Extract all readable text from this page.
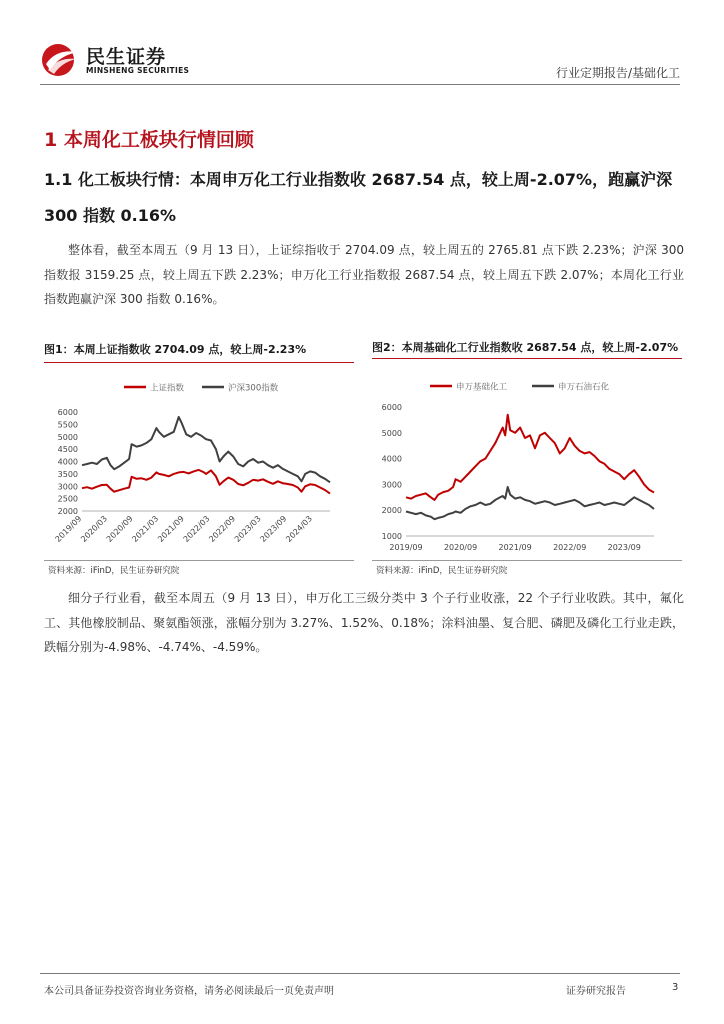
民生证券
MINSHENG SECURITIES	行业定期报告/基础化工
1 本周化工板块行情回顾
1.1 化工板块行情：本周申万化工行业指数收 2687.54 点，较上周-2.07%，跑赢沪深 300 指数 0.16%

整体看，截至本周五（9 月 13 日），上证综指收于 2704.09 点，较上周五的 2765.81 点下跌 2.23%；沪深 300 指数报 3159.25 点，较上周五下跌 2.23%；申万化工行业指数报 2687.54 点，较上周五下跌 2.07%；本周化工行业指数跑赢沪深 300 指数 0.16%。

图1：本周上证指数收 2704.09 点，较上周-2.23%
上证指数	沪深300指数
6000
5500
5000
4500
4000
3500
3000
2500
2000
2019/09
2020/03
2020/09
2021/03
2021/09
2022/03
2022/09
2023/03
2023/09
2024/03
资料来源：iFinD，民生证券研究院
图2：本周基础化工行业指数收 2687.54 点，较上周-2.07%
申万基础化工	申万石油石化
6000
5000
4000
3000
2000
1000
2019/09	2020/09	2021/09	2022/09	2023/09
资料来源：iFinD，民生证券研究院

细分子行业看，截至本周五（9 月 13 日），申万化工三级分类中 3 个子行业收涨，22 个子行业收跌。其中，氟化工、其他橡胶制品、聚氨酯领涨，涨幅分别为 3.27%、1.52%、0.18%；涂料油墨、复合肥、磷肥及磷化工行业走跌，跌幅分别为-4.98%、-4.74%、-4.59%。

本公司具备证券投资咨询业务资格，请务必阅读最后一页免责声明	证券研究报告	3
